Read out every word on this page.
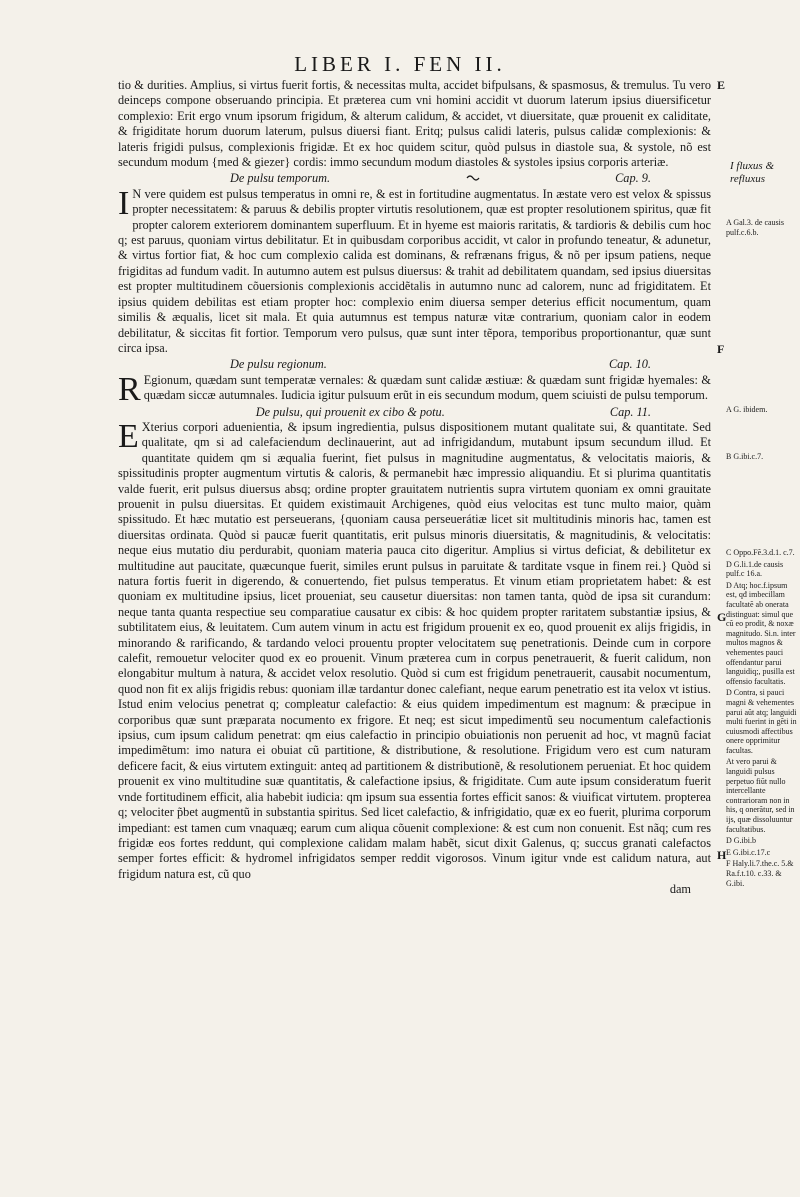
LIBER I. FEN II.

tio & durities. Amplius, si virtus fuerit fortis, & necessitas multa, accidet bifpulsans, & spasmosus, & tremulus. Tu vero deinceps compone obseruando principia. Et præterea cum vni homini accidit vt duorum laterum ipsius diuersificetur complexio: Erit ergo vnum ipsorum frigidum, & alterum calidum, & accidet, vt diuersitate, quæ prouenit ex caliditate, & frigiditate horum duorum laterum, pulsus diuersi fiant. Eritq; pulsus calidi lateris, pulsus calidæ complexionis: & lateris frigidi pulsus, complexionis frigidæ. Et ex hoc quidem scitur, quòd pulsus in diastole sua, & systole, nõ est secundum modum {med & giezer} cordis: immo secundum modum diastoles & systoles ipsius corporis arteriæ.

De pulsu temporum.	Cap. 9.

I N vere quidem est pulsus temperatus in omni re, & est in fortitudine augmentatus. In æstate vero est velox & spissus propter necessitatem: & paruus & debilis propter virtutis resolutionem, quæ est propter resolutionem spiritus, quæ fit propter calorem exteriorem dominantem superfluum. Et in hyeme est maioris raritatis, & tardioris & debilis cum hoc q; est paruus, quoniam virtus debilitatur. Et in quibusdam corporibus accidit, vt calor in profundo teneatur, & adunetur, & virtus fortior fiat, & hoc cum complexio calida est dominans, & refrænans frigus, & nõ per ipsum patiens, neque frigiditas ad fundum vadit. In autumno autem est pulsus diuersus: & trahit ad debilitatem quandam, sed ipsius diuersitas est propter multitudinem cõuersionis complexionis accidẽtalis in autumno nunc ad calorem, nunc ad frigiditatem. Et ipsius quidem debilitas est etiam propter hoc: complexio enim diuersa semper deterius efficit nocumentum, quam similis & æqualis, licet sit mala. Et quia autumnus est tempus naturæ vitæ contrarium, quoniam calor in eodem debilitatur, & siccitas fit fortior. Temporum vero pulsus, quæ sunt inter tẽpora, temporibus proportionantur, quæ sunt circa ipsa.

De pulsu regionum.	Cap. 10.

R Egionum, quædam sunt temperatæ vernales: & quædam sunt calidæ æstiuæ: & quædam sunt frigidæ hyemales: & quædam siccæ autumnales. Iudicia igitur pulsuum erũt in eis secundum modum, quem sciuisti de pulsu temporum.

De pulsu, qui prouenit ex cibo & potu.	Cap. 11.

E Xterius corpori aduenientia, & ipsum ingredientia, pulsus dispositionem mutant qualitate sui, & quantitate. Sed qualitate, qm si ad calefaciendum declinauerint, aut ad infrigidandum, mutabunt ipsum secundum illud. Et quantitate quidem qm si æqualia fuerint, fiet pulsus in magnitudine augmentatus, & velocitatis maioris, & spissitudinis propter augmentum virtutis & caloris, & permanebit hæc impressio aliquandiu. Et si plurima quantitatis valde fuerit, erit pulsus diuersus absq; ordine propter grauitatem nutrientis supra virtutem quoniam ex omni grauitate prouenit in pulsu diuersitas. Et quidem existimauit Archigenes, quòd eius velocitas est tunc multo maior, quàm spissitudo. Et hæc mutatio est perseuerans, {quoniam causa perseuerátiæ licet sit multitudinis minoris hac, tamen est diuersitas ordinata. Quòd si paucæ fuerit quantitatis, erit pulsus minoris diuersitatis, & magnitudinis, & velocitatis: neque eius mutatio diu perdurabit, quoniam materia pauca cito digeritur. Amplius si virtus deficiat, & debilitetur ex multitudine aut paucitate, quæcunque fuerit, similes erunt pulsus in paruitate & tarditate vsque in finem rei.} Quòd si natura fortis fuerit in digerendo, & conuertendo, fiet pulsus temperatus. Et vinum etiam proprietatem habet: & est quoniam ex multitudine ipsius, licet proueniat, seu causetur diuersitas: non tamen tanta, quòd de ipsa sit curandum: neque tanta quanta respectiue seu comparatiue causatur ex cibis: & hoc quidem propter raritatem substantiæ ipsius, & subtilitatem eius, & leuitatem. Cum autem vinum in actu est frigidum prouenit ex eo, quod prouenit ex alijs frigidis, in minorando & rarificando, & tardando veloci prouentu propter velocitatem suę penetrationis. Deinde cum in corpore calefit, remouetur velociter quod ex eo prouenit. Vinum præterea cum in corpus penetrauerit, & fuerit calidum, non elongabitur multum à natura, & accidet velox resolutio. Quòd si cum est frigidum penetrauerit, causabit nocumentum, quod non fit ex alijs frigidis rebus: quoniam illæ tardantur donec calefiant, neque earum penetratio est ita velox vt istius. Istud enim velocius penetrat q; compleatur calefactio: & eius quidem impedimentum est magnum: & præcipue in corporibus quæ sunt præparata nocumento ex frigore. Et neq; est sicut impedimentũ seu nocumentum calefactionis ipsius, cum ipsum calidum penetrat: qm eius calefactio in principio obuiationis non peruenit ad hoc, vt magnũ faciat impedimẽtum: imo natura ei obuiat cũ partitione, & distributione, & resolutione. Frigidum vero est cum naturam deficere facit, & eius virtutem extinguit: anteq ad partitionem & distributionẽ, & resolutionem perueniat. Et hoc quidem prouenit ex vino multitudine suæ quantitatis, & calefactione ipsius, & frigiditate. Cum aute ipsum consideratum fuerit vnde fortitudinem efficit, alia habebit iudicia: qm ipsum sua essentia fortes efficit sanos: & viuificat virtutem. propterea q; velociter p̃bet augmentũ in substantia spiritus. Sed licet calefactio, & infrigidatio, quæ ex eo fuerit, plurima corporum impediant: est tamen cum vnaquæq; earum cum aliqua cõuenit complexione: & est cum non conuenit. Est nãq; cum res frigidæ eos fortes reddunt, qui complexione calidam malam habẽt, sicut dixit Galenus, q; succus granati calefactos semper fortes efficit: & hydromel infrigidatos semper reddit vigorosos. Vinum igitur vnde est calidum natura, aut frigidum natura est, cũ quo

dam
E
F
G
H
I fluxus & refluxus
A Gal.3. de causis pulf.c.6.b.
A G. ibidem.
B G.ibi.c.7.
C Oppo.Fẽ.3.d.1. c.7.
D G.li.1.de causis pulf.c 16.a.
D Atq; hoc.f.ipsum est, qđ imbecillam facultatẽ ab onerata distinguat: simul que cũ eo prodit, & noxæ magnitudo. Si.n. inter multos magnos & vehementes pauci offendantur parui languidiq;, pusilla est offensio facultatis.
D Contra, si pauci magni & vehementes parui aŭt atq; languidi multi fuerint in gẽti in cuiusmodi affectibus onere opprimitur facultas.
At vero parui & languidi pulsus perpetuo fiũt nullo intercellante contrarioram non in his, q onerãtur, sed in ijs, quæ dissoluuntur facultatibus.
D G.ibi.b
E G.ibi.c.17.c
F Haly.li.7.the.c. 5.& Ra.f.t.10. c.33. & G.ibi.
